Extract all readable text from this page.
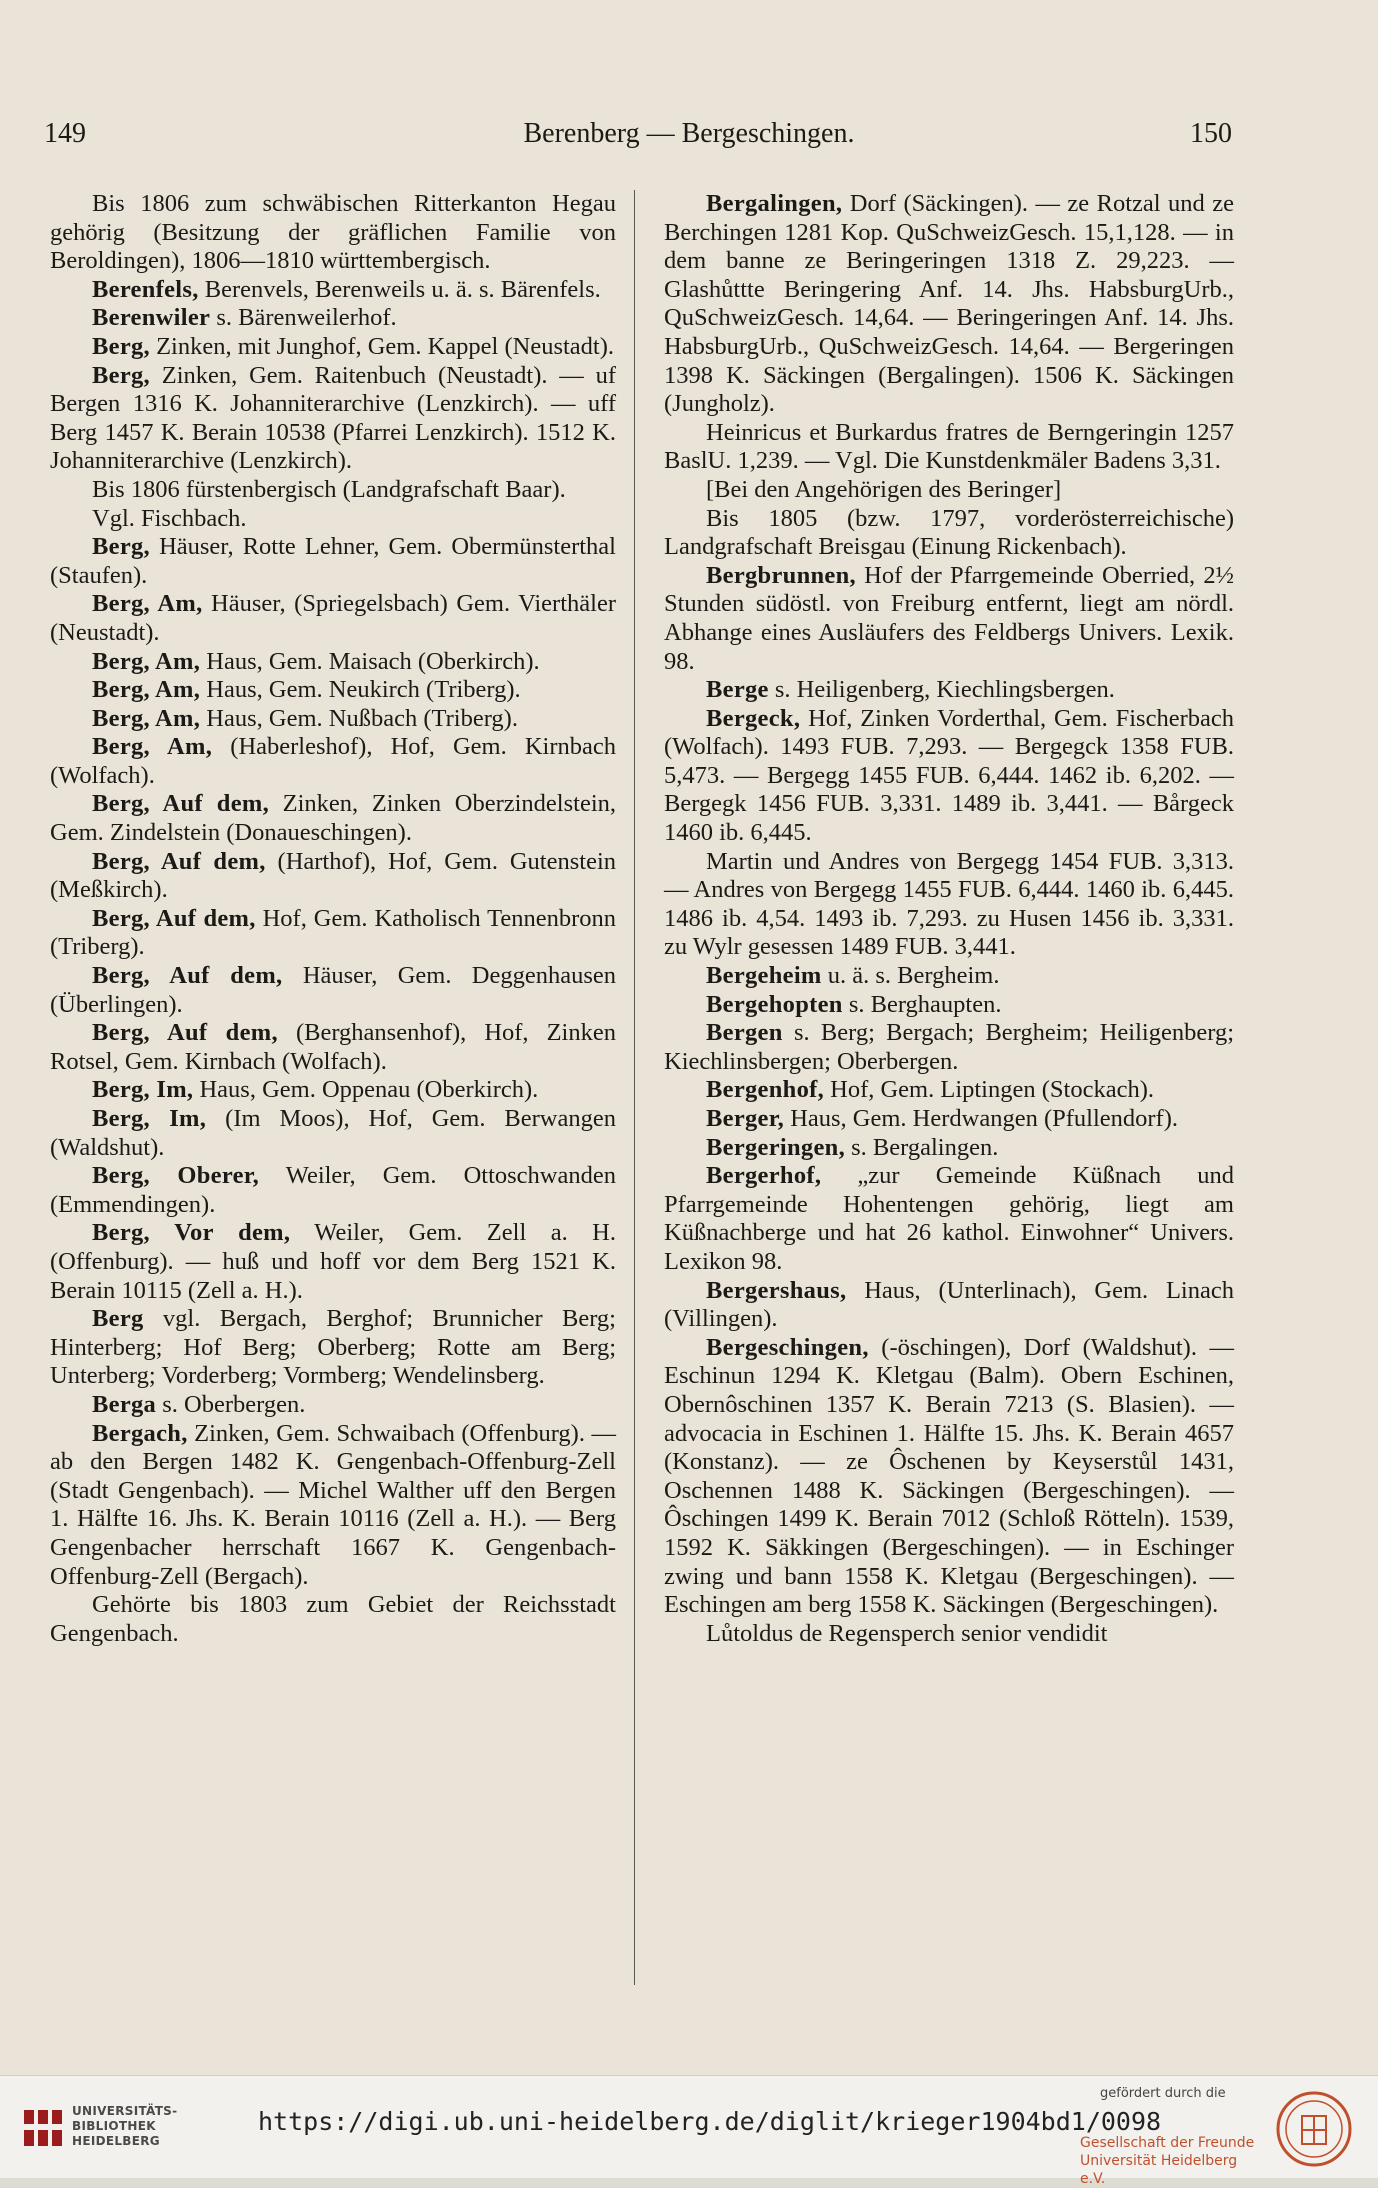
149	Berenberg — Bergeschingen.	150

Bis 1806 zum schwäbischen Ritterkanton Hegau gehörig (Besitzung der gräflichen Familie von Beroldingen), 1806—1810 württembergisch.

Berenfels, Berenvels, Berenweils u. ä. s. Bärenfels.

Berenwiler s. Bärenweilerhof.

Berg, Zinken, mit Junghof, Gem. Kappel (Neustadt).

Berg, Zinken, Gem. Raitenbuch (Neustadt). — uf Bergen 1316 K. Johanniterarchive (Lenzkirch). — uff Berg 1457 K. Berain 10538 (Pfarrei Lenzkirch). 1512 K. Johanniterarchive (Lenzkirch).

Bis 1806 fürstenbergisch (Landgrafschaft Baar).

Vgl. Fischbach.

Berg, Häuser, Rotte Lehner, Gem. Obermünsterthal (Staufen).

Berg, Am, Häuser, (Spriegelsbach) Gem. Vierthäler (Neustadt).

Berg, Am, Haus, Gem. Maisach (Oberkirch).

Berg, Am, Haus, Gem. Neukirch (Triberg).

Berg, Am, Haus, Gem. Nußbach (Triberg).

Berg, Am, (Haberleshof), Hof, Gem. Kirnbach (Wolfach).

Berg, Auf dem, Zinken, Zinken Oberzindelstein, Gem. Zindelstein (Donaueschingen).

Berg, Auf dem, (Harthof), Hof, Gem. Gutenstein (Meßkirch).

Berg, Auf dem, Hof, Gem. Katholisch Tennenbronn (Triberg).

Berg, Auf dem, Häuser, Gem. Deggenhausen (Überlingen).

Berg, Auf dem, (Berghansenhof), Hof, Zinken Rotsel, Gem. Kirnbach (Wolfach).

Berg, Im, Haus, Gem. Oppenau (Oberkirch).

Berg, Im, (Im Moos), Hof, Gem. Berwangen (Waldshut).

Berg, Oberer, Weiler, Gem. Ottoschwanden (Emmendingen).

Berg, Vor dem, Weiler, Gem. Zell a. H. (Offenburg). — huß und hoff vor dem Berg 1521 K. Berain 10115 (Zell a. H.).

Berg vgl. Bergach, Berghof; Brunnicher Berg; Hinterberg; Hof Berg; Oberberg; Rotte am Berg; Unterberg; Vorderberg; Vormberg; Wendelinsberg.

Berga s. Oberbergen.

Bergach, Zinken, Gem. Schwaibach (Offenburg). — ab den Bergen 1482 K. Gengenbach-Offenburg-Zell (Stadt Gengenbach). — Michel Walther uff den Bergen 1. Hälfte 16. Jhs. K. Berain 10116 (Zell a. H.). — Berg Gengenbacher herrschaft 1667 K. Gengenbach-Offenburg-Zell (Bergach).

Gehörte bis 1803 zum Gebiet der Reichsstadt Gengenbach.

Bergalingen, Dorf (Säckingen). — ze Rotzal und ze Berchingen 1281 Kop. QuSchweizGesch. 15,1,128. — in dem banne ze Beringeringen 1318 Z. 29,223. — Glashůttte Beringering Anf. 14. Jhs. HabsburgUrb., QuSchweizGesch. 14,64. — Beringeringen Anf. 14. Jhs. HabsburgUrb., QuSchweizGesch. 14,64. — Bergeringen 1398 K. Säckingen (Bergalingen). 1506 K. Säckingen (Jungholz).

Heinricus et Burkardus fratres de Berngeringin 1257 BaslU. 1,239. — Vgl. Die Kunstdenkmäler Badens 3,31.

[Bei den Angehörigen des Beringer]

Bis 1805 (bzw. 1797, vorderösterreichische) Landgrafschaft Breisgau (Einung Rickenbach).

Bergbrunnen, Hof der Pfarrgemeinde Oberried, 2½ Stunden südöstl. von Freiburg entfernt, liegt am nördl. Abhange eines Ausläufers des Feldbergs Univers. Lexik. 98.

Berge s. Heiligenberg, Kiechlingsbergen.

Bergeck, Hof, Zinken Vorderthal, Gem. Fischerbach (Wolfach). 1493 FUB. 7,293. — Bergegck 1358 FUB. 5,473. — Bergegg 1455 FUB. 6,444. 1462 ib. 6,202. — Bergegk 1456 FUB. 3,331. 1489 ib. 3,441. — Bårgeck 1460 ib. 6,445.

Martin und Andres von Bergegg 1454 FUB. 3,313. — Andres von Bergegg 1455 FUB. 6,444. 1460 ib. 6,445. 1486 ib. 4,54. 1493 ib. 7,293. zu Husen 1456 ib. 3,331. zu Wylr gesessen 1489 FUB. 3,441.

Bergeheim u. ä. s. Bergheim.

Bergehopten s. Berghaupten.

Bergen s. Berg; Bergach; Bergheim; Heiligenberg; Kiechlinsbergen; Oberbergen.

Bergenhof, Hof, Gem. Liptingen (Stockach).

Berger, Haus, Gem. Herdwangen (Pfullendorf).

Bergeringen, s. Bergalingen.

Bergerhof, „zur Gemeinde Küßnach und Pfarrgemeinde Hohentengen gehörig, liegt am Küßnachberge und hat 26 kathol. Einwohner“ Univers. Lexikon 98.

Bergershaus, Haus, (Unterlinach), Gem. Linach (Villingen).

Bergeschingen, (-öschingen), Dorf (Waldshut). — Eschinun 1294 K. Kletgau (Balm). Obern Eschinen, Obernôschinen 1357 K. Berain 7213 (S. Blasien). — advocacia in Eschinen 1. Hälfte 15. Jhs. K. Berain 4657 (Konstanz). — ze Ôschenen by Keyserstůl 1431, Oschennen 1488 K. Säckingen (Bergeschingen). — Ôschingen 1499 K. Berain 7012 (Schloß Rötteln). 1539, 1592 K. Säkkingen (Bergeschingen). — in Eschinger zwing und bann 1558 K. Kletgau (Bergeschingen). — Eschingen am berg 1558 K. Säckingen (Bergeschingen).

Lůtoldus de Regensperch senior vendidit

UNIVERSITÄTS-
BIBLIOTHEK
HEIDELBERG
https://digi.ub.uni-heidelberg.de/diglit/krieger1904bd1/0098
gefördert durch die
Gesellschaft der Freunde
Universität Heidelberg e.V.
